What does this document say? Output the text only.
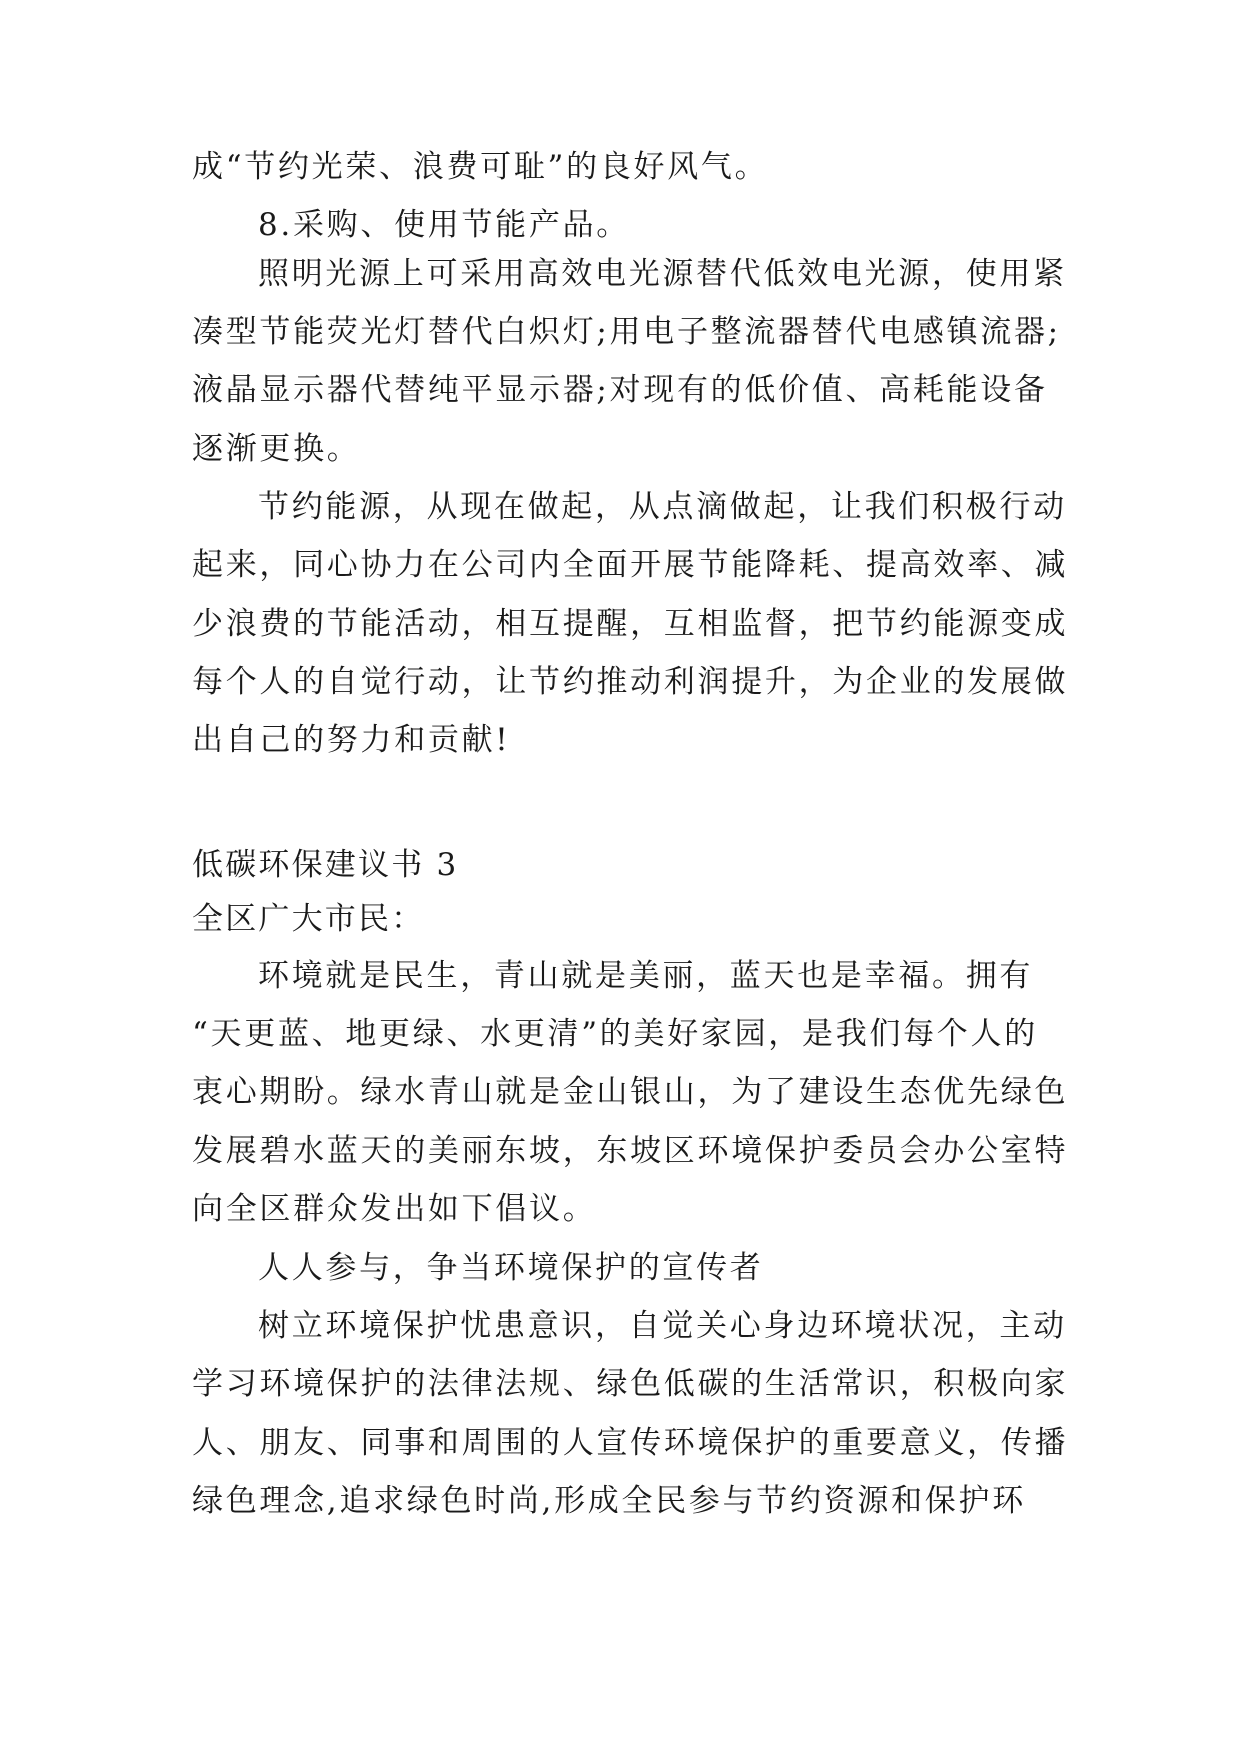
成“节约光荣、浪费可耻”的良好风气。
8.采购、使用节能产品。
照明光源上可采用高效电光源替代低效电光源，使用紧
凑型节能荧光灯替代白炽灯;用电子整流器替代电感镇流器;
液晶显示器代替纯平显示器;对现有的低价值、高耗能设备
逐渐更换。
节约能源，从现在做起，从点滴做起，让我们积极行动
起来，同心协力在公司内全面开展节能降耗、提高效率、减
少浪费的节能活动，相互提醒，互相监督，把节约能源变成
每个人的自觉行动，让节约推动利润提升，为企业的发展做
出自己的努力和贡献!
低碳环保建议书 3
全区广大市民：
环境就是民生，青山就是美丽，蓝天也是幸福。拥有
“天更蓝、地更绿、水更清”的美好家园，是我们每个人的
衷心期盼。绿水青山就是金山银山，为了建设生态优先绿色
发展碧水蓝天的美丽东坡，东坡区环境保护委员会办公室特
向全区群众发出如下倡议。
人人参与，争当环境保护的宣传者
树立环境保护忧患意识，自觉关心身边环境状况，主动
学习环境保护的法律法规、绿色低碳的生活常识，积极向家
人、朋友、同事和周围的人宣传环境保护的重要意义，传播
绿色理念,追求绿色时尚,形成全民参与节约资源和保护环
